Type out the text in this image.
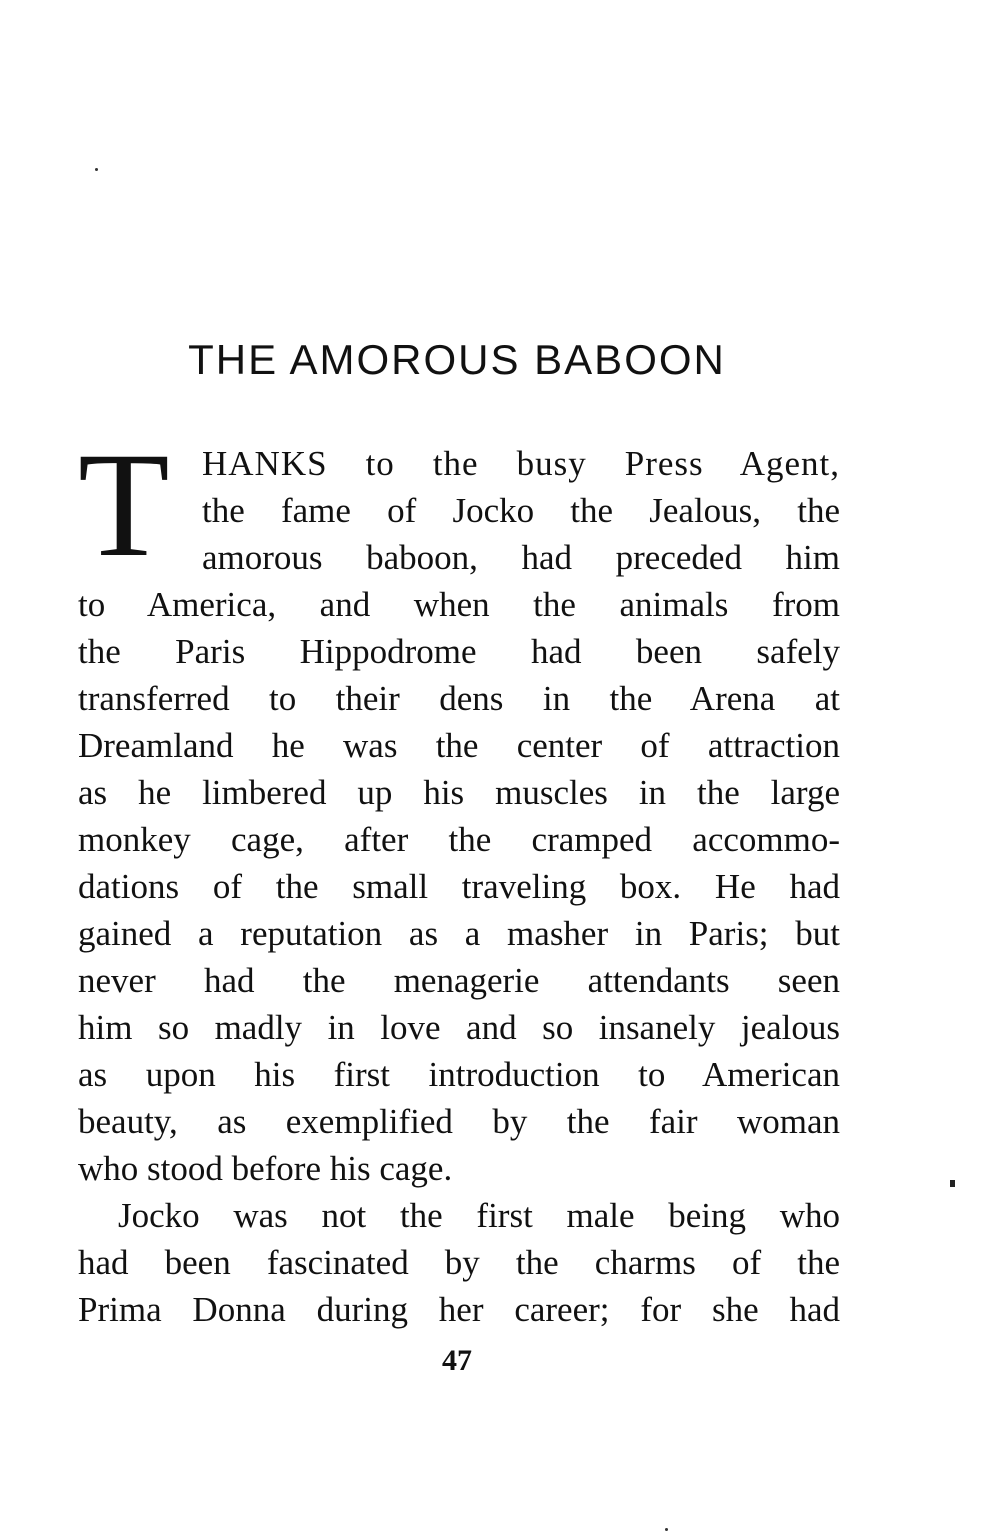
THE AMOROUS BABOON
T HANKS to the busy Press Agent,
the fame of Jocko the Jealous, the
amorous baboon, had preceded him
to America, and when the animals from
the Paris Hippodrome had been safely
transferred to their dens in the Arena at
Dreamland he was the center of attraction
as he limbered up his muscles in the large
monkey cage, after the cramped accommo-
dations of the small traveling box. He had
gained a reputation as a masher in Paris; but
never had the menagerie attendants seen
him so madly in love and so insanely jealous
as upon his first introduction to American
beauty, as exemplified by the fair woman
who stood before his cage.
Jocko was not the first male being who
had been fascinated by the charms of the
Prima Donna during her career; for she had
47
